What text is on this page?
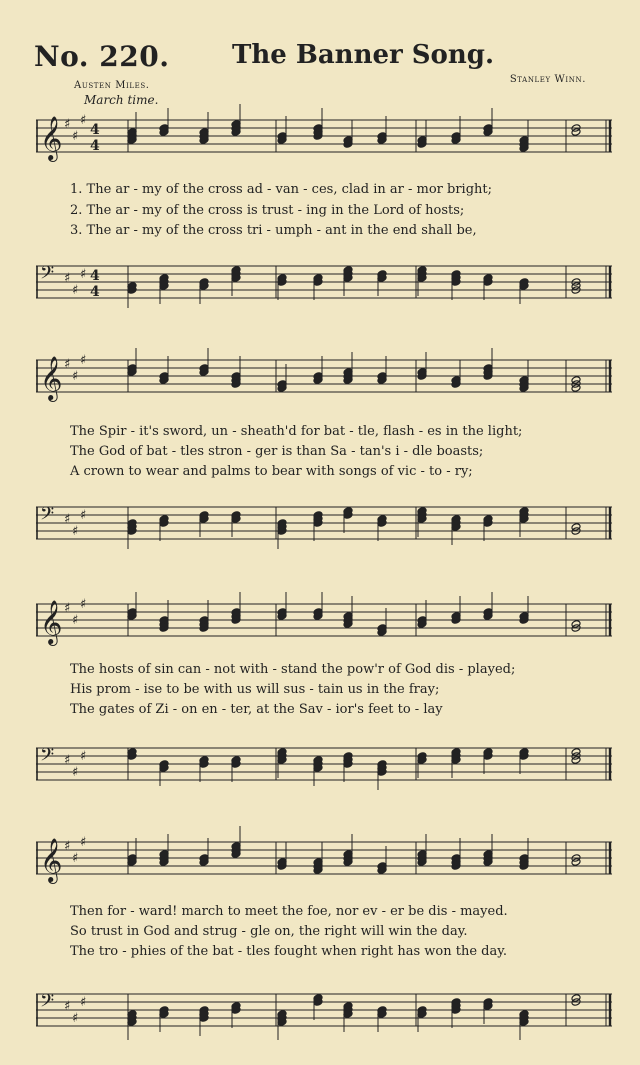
No. 220. The Banner Song.
Austen Miles.
Stanley Winn.
March time.
𝄞 ♯
♯
♯
4
4
1. The ar - my of the cross ad - van - ces, clad in ar - mor bright;
2. The ar - my of the cross is trust - ing in the Lord of hosts;
3. The ar - my of the cross tri - umph - ant in the end shall be,
𝄢 ♯
♯
♯ 4
4
𝄞 ♯
♯
♯
The Spir - it's sword, un - sheath'd for bat - tle, flash - es in the light;
The God of bat - tles stron - ger is than Sa - tan's i - dle boasts;
A crown to wear and palms to bear with songs of vic - to - ry;
𝄢 ♯
♯
♯
𝄞 ♯
♯
♯
The hosts of sin can - not with - stand the pow'r of God dis - played;
His prom - ise to be with us will sus - tain us in the fray;
The gates of Zi - on en - ter, at the Sav - ior's feet to - lay
𝄢 ♯
♯
♯
𝄞 ♯
♯
♯
Then for - ward! march to meet the foe, nor ev - er be dis - mayed.
So trust in God and strug - gle on, the right will win the day.
The tro - phies of the bat - tles fought when right has won the day.
𝄢 ♯
♯
♯
